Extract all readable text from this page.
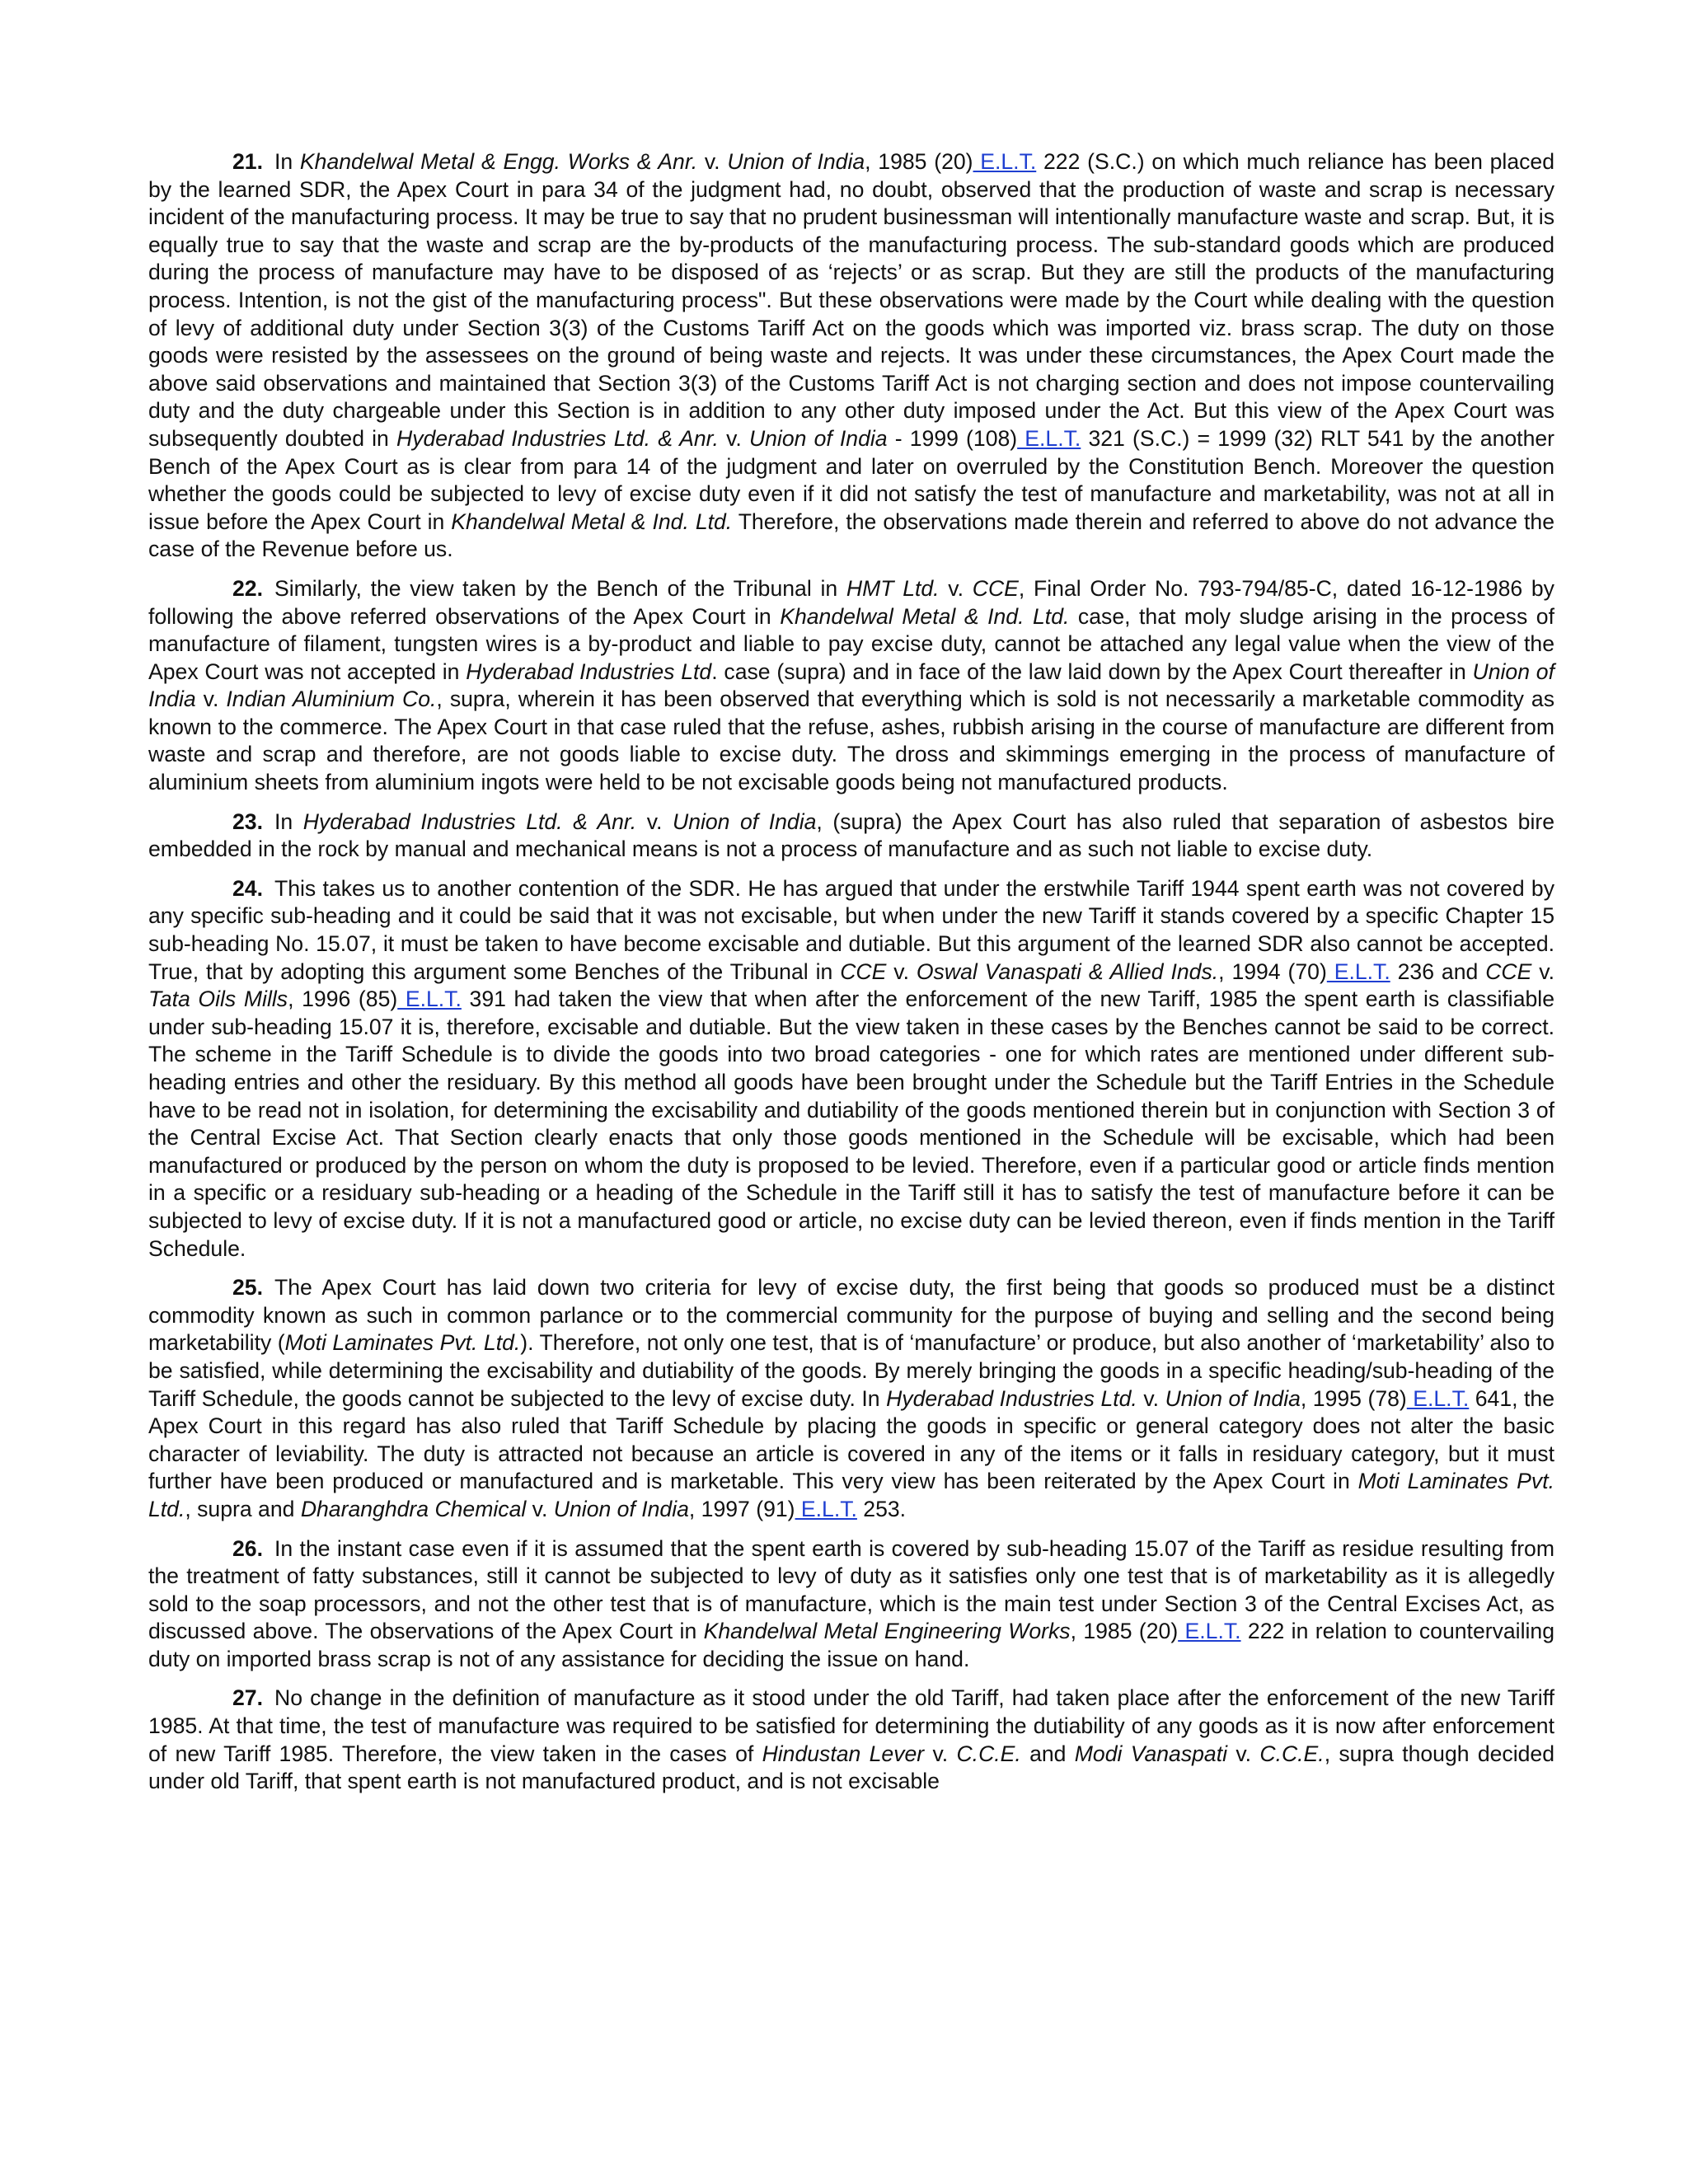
21. In Khandelwal Metal & Engg. Works & Anr. v. Union of India, 1985 (20) E.L.T. 222 (S.C.) on which much reliance has been placed by the learned SDR, the Apex Court in para 34 of the judgment had, no doubt, observed that the production of waste and scrap is necessary incident of the manufacturing process. It may be true to say that no prudent businessman will intentionally manufacture waste and scrap. But, it is equally true to say that the waste and scrap are the by-products of the manufacturing process. The sub-standard goods which are produced during the process of manufacture may have to be disposed of as ‘rejects’ or as scrap. But they are still the products of the manufacturing process. Intention, is not the gist of the manufacturing process". But these observations were made by the Court while dealing with the question of levy of additional duty under Section 3(3) of the Customs Tariff Act on the goods which was imported viz. brass scrap. The duty on those goods were resisted by the assessees on the ground of being waste and rejects. It was under these circumstances, the Apex Court made the above said observations and maintained that Section 3(3) of the Customs Tariff Act is not charging section and does not impose countervailing duty and the duty chargeable under this Section is in addition to any other duty imposed under the Act. But this view of the Apex Court was subsequently doubted in Hyderabad Industries Ltd. & Anr. v. Union of India - 1999 (108) E.L.T. 321 (S.C.) = 1999 (32) RLT 541 by the another Bench of the Apex Court as is clear from para 14 of the judgment and later on overruled by the Constitution Bench. Moreover the question whether the goods could be subjected to levy of excise duty even if it did not satisfy the test of manufacture and marketability, was not at all in issue before the Apex Court in Khandelwal Metal & Ind. Ltd. Therefore, the observations made therein and referred to above do not advance the case of the Revenue before us.

22. Similarly, the view taken by the Bench of the Tribunal in HMT Ltd. v. CCE, Final Order No. 793-794/85-C, dated 16-12-1986 by following the above referred observations of the Apex Court in Khandelwal Metal & Ind. Ltd. case, that moly sludge arising in the process of manufacture of filament, tungsten wires is a by-product and liable to pay excise duty, cannot be attached any legal value when the view of the Apex Court was not accepted in Hyderabad Industries Ltd. case (supra) and in face of the law laid down by the Apex Court thereafter in Union of India v. Indian Aluminium Co., supra, wherein it has been observed that everything which is sold is not necessarily a marketable commodity as known to the commerce. The Apex Court in that case ruled that the refuse, ashes, rubbish arising in the course of manufacture are different from waste and scrap and therefore, are not goods liable to excise duty. The dross and skimmings emerging in the process of manufacture of aluminium sheets from aluminium ingots were held to be not excisable goods being not manufactured products.

23. In Hyderabad Industries Ltd. & Anr. v. Union of India, (supra) the Apex Court has also ruled that separation of asbestos bire embedded in the rock by manual and mechanical means is not a process of manufacture and as such not liable to excise duty.

24. This takes us to another contention of the SDR. He has argued that under the erstwhile Tariff 1944 spent earth was not covered by any specific sub-heading and it could be said that it was not excisable, but when under the new Tariff it stands covered by a specific Chapter 15 sub-heading No. 15.07, it must be taken to have become excisable and dutiable. But this argument of the learned SDR also cannot be accepted. True, that by adopting this argument some Benches of the Tribunal in CCE v. Oswal Vanaspati & Allied Inds., 1994 (70) E.L.T. 236 and CCE v. Tata Oils Mills, 1996 (85) E.L.T. 391 had taken the view that when after the enforcement of the new Tariff, 1985 the spent earth is classifiable under sub-heading 15.07 it is, therefore, excisable and dutiable. But the view taken in these cases by the Benches cannot be said to be correct. The scheme in the Tariff Schedule is to divide the goods into two broad categories - one for which rates are mentioned under different sub-heading entries and other the residuary. By this method all goods have been brought under the Schedule but the Tariff Entries in the Schedule have to be read not in isolation, for determining the excisability and dutiability of the goods mentioned therein but in conjunction with Section 3 of the Central Excise Act. That Section clearly enacts that only those goods mentioned in the Schedule will be excisable, which had been manufactured or produced by the person on whom the duty is proposed to be levied. Therefore, even if a particular good or article finds mention in a specific or a residuary sub-heading or a heading of the Schedule in the Tariff still it has to satisfy the test of manufacture before it can be subjected to levy of excise duty. If it is not a manufactured good or article, no excise duty can be levied thereon, even if finds mention in the Tariff Schedule.

25. The Apex Court has laid down two criteria for levy of excise duty, the first being that goods so produced must be a distinct commodity known as such in common parlance or to the commercial community for the purpose of buying and selling and the second being marketability (Moti Laminates Pvt. Ltd.). Therefore, not only one test, that is of ‘manufacture’ or produce, but also another of ‘marketability’ also to be satisfied, while determining the excisability and dutiability of the goods. By merely bringing the goods in a specific heading/sub-heading of the Tariff Schedule, the goods cannot be subjected to the levy of excise duty. In Hyderabad Industries Ltd. v. Union of India, 1995 (78) E.L.T. 641, the Apex Court in this regard has also ruled that Tariff Schedule by placing the goods in specific or general category does not alter the basic character of leviability. The duty is attracted not because an article is covered in any of the items or it falls in residuary category, but it must further have been produced or manufactured and is marketable. This very view has been reiterated by the Apex Court in Moti Laminates Pvt. Ltd., supra and Dharanghdra Chemical v. Union of India, 1997 (91) E.L.T. 253.

26. In the instant case even if it is assumed that the spent earth is covered by sub-heading 15.07 of the Tariff as residue resulting from the treatment of fatty substances, still it cannot be subjected to levy of duty as it satisfies only one test that is of marketability as it is allegedly sold to the soap processors, and not the other test that is of manufacture, which is the main test under Section 3 of the Central Excises Act, as discussed above. The observations of the Apex Court in Khandelwal Metal Engineering Works, 1985 (20) E.L.T. 222 in relation to countervailing duty on imported brass scrap is not of any assistance for deciding the issue on hand.

27. No change in the definition of manufacture as it stood under the old Tariff, had taken place after the enforcement of the new Tariff 1985. At that time, the test of manufacture was required to be satisfied for determining the dutiability of any goods as it is now after enforcement of new Tariff 1985. Therefore, the view taken in the cases of Hindustan Lever v. C.C.E. and Modi Vanaspati v. C.C.E., supra though decided under old Tariff, that spent earth is not manufactured product, and is not excisable
